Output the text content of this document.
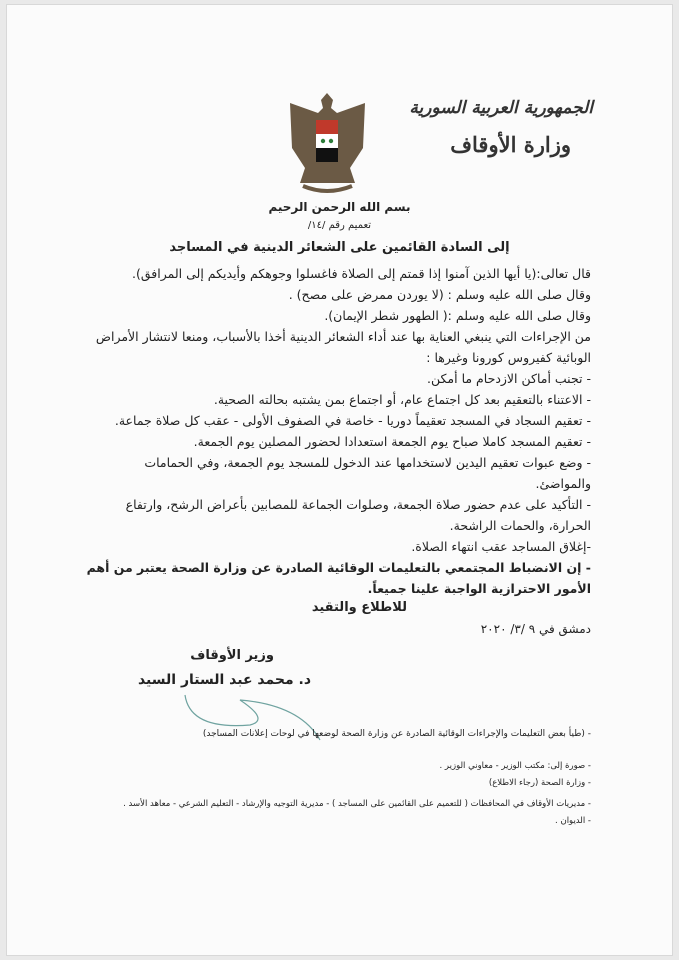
الجمهورية العربية السورية
وزارة الأوقاف
بسم الله الرحمن الرحيم
تعميم رقم /١٤/
إلى السادة القائمين على الشعائر الدينية في المساجد

قال تعالى:(يا أيها الذين آمنوا إذا قمتم إلى الصلاة فاغسلوا وجوهكم وأيديكم إلى المرافق).

وقال صلى الله عليه وسلم : (لا يوردن ممرض على مصح) .

وقال صلى الله عليه وسلم :( الطهور شطر الإيمان).

من الإجراءات التي ينبغي العناية بها عند أداء الشعائر الدينية أخذا بالأسباب، ومنعا لانتشار الأمراض الوبائية كفيروس كورونا وغيرها :

- تجنب أماكن الازدحام ما أمكن.

- الاعتناء بالتعقيم بعد كل اجتماع عام، أو اجتماع بمن يشتبه بحالته الصحية.

- تعقيم السجاد في المسجد تعقيماً دوريا - خاصة في الصفوف الأولى - عقب كل صلاة جماعة.

- تعقيم المسجد كاملا صباح يوم الجمعة استعدادا لحضور المصلين يوم الجمعة.

- وضع عبوات تعقيم اليدين لاستخدامها عند الدخول للمسجد يوم الجمعة، وفي الحمامات والمواضئ.

- التأكيد على عدم حضور صلاة الجمعة، وصلوات الجماعة للمصابين بأعراض الرشح، وارتفاع الحرارة، والحمات الراشحة.

-إغلاق المساجد عقب انتهاء الصلاة.

- إن الانضباط المجتمعي بالتعليمات الوقائية الصادرة عن وزارة الصحة يعتبر من أهم الأمور الاحترازية الواجبة علينا جميعاً.

للاطلاع والتقيد
دمشق في ٩ /٣/ ٢٠٢٠
وزير الأوقاف
د. محمد عبد الستار السيد
- (طيأ بعض التعليمات والإجراءات الوقائية الصادرة عن وزارة الصحة لوضعها في لوحات إعلانات المساجد)
- صورة إلى: مكتب الوزير - معاوني الوزير .
- وزارة الصحة (رجاء الاطلاع)
- مديريات الأوقاف في المحافظات ( للتعميم على القائمين على المساجد ) - مديرية التوجيه والإرشاد - التعليم الشرعي - معاهد الأسد .
- الديوان .
